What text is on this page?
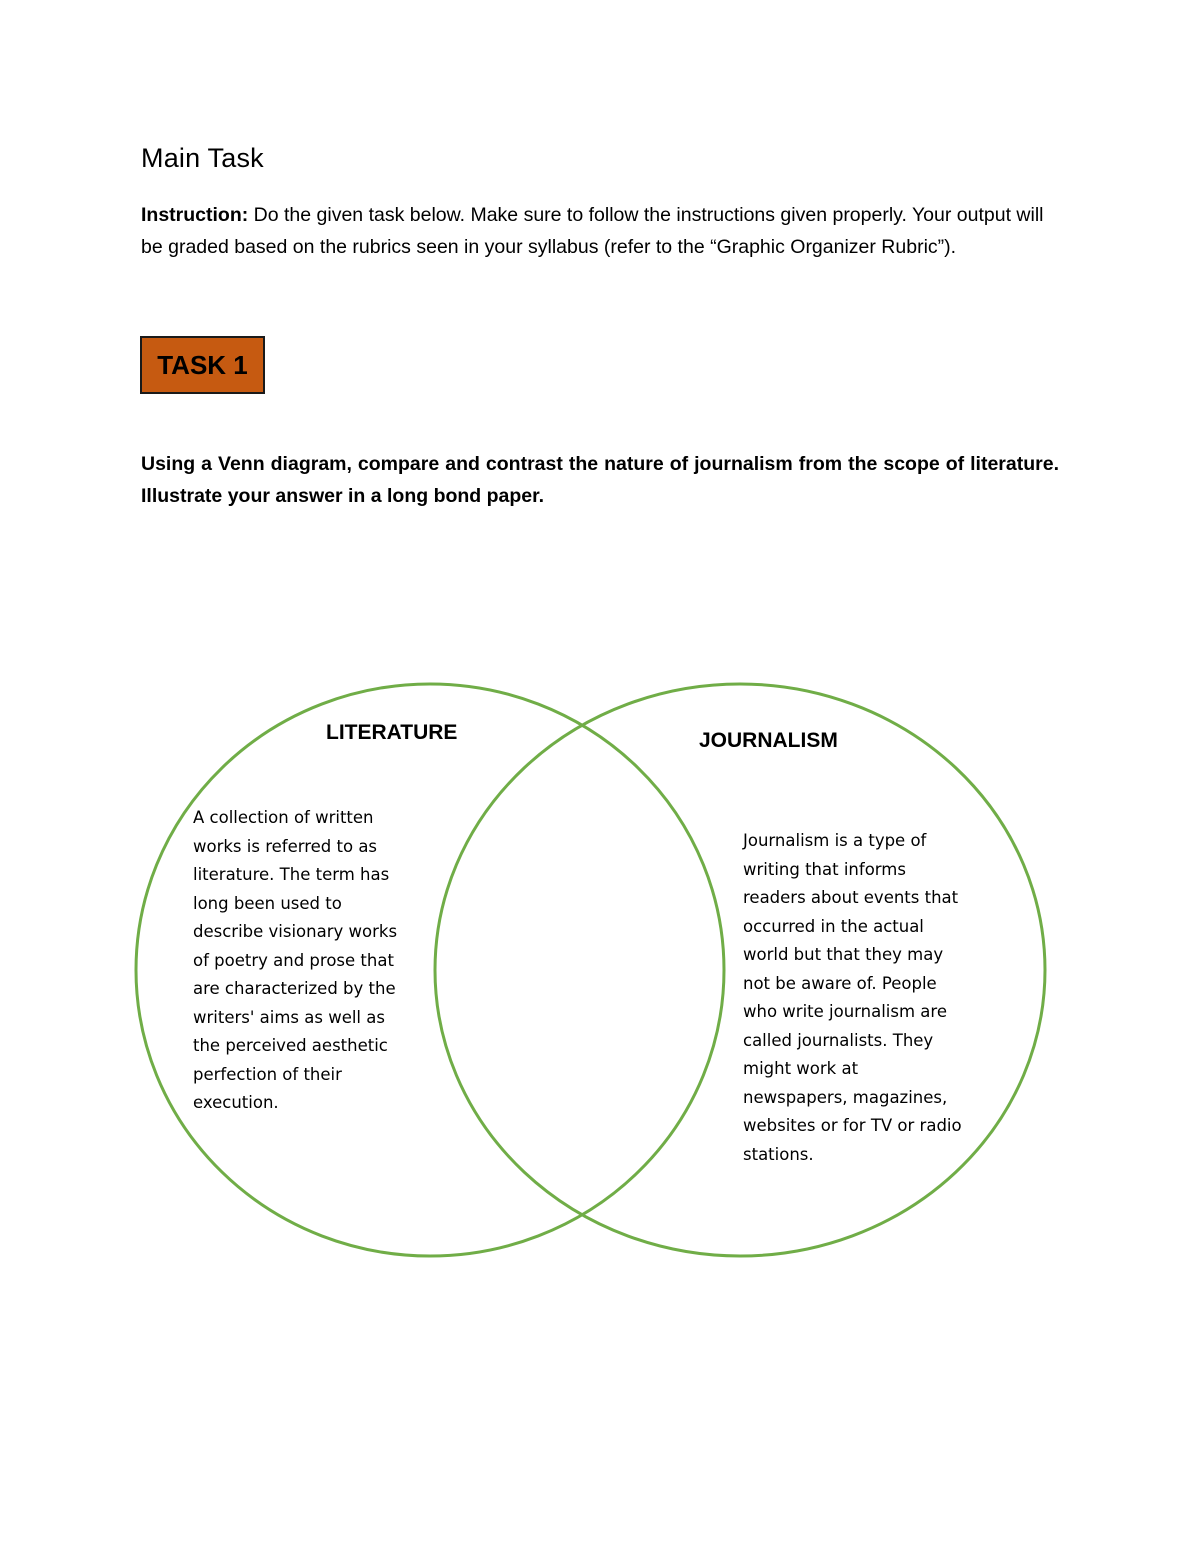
Main Task

Instruction: Do the given task below. Make sure to follow the instructions given properly. Your output will be graded based on the rubrics seen in your syllabus (refer to the “Graphic Organizer Rubric”).

TASK 1

Using a Venn diagram, compare and contrast the nature of journalism from the scope of literature. Illustrate your answer in a long bond paper.

LITERATURE	JOURNALISM

A collection of written
works is referred to as
literature. The term has
long been used to
describe visionary works
of poetry and prose that
are characterized by the
writers' aims as well as
the perceived aesthetic
perfection of their
execution.

Journalism is a type of
writing that informs
readers about events that
occurred in the actual
world but that they may
not be aware of. People
who write journalism are
called journalists. They
might work at
newspapers, magazines,
websites or for TV or radio
stations.
